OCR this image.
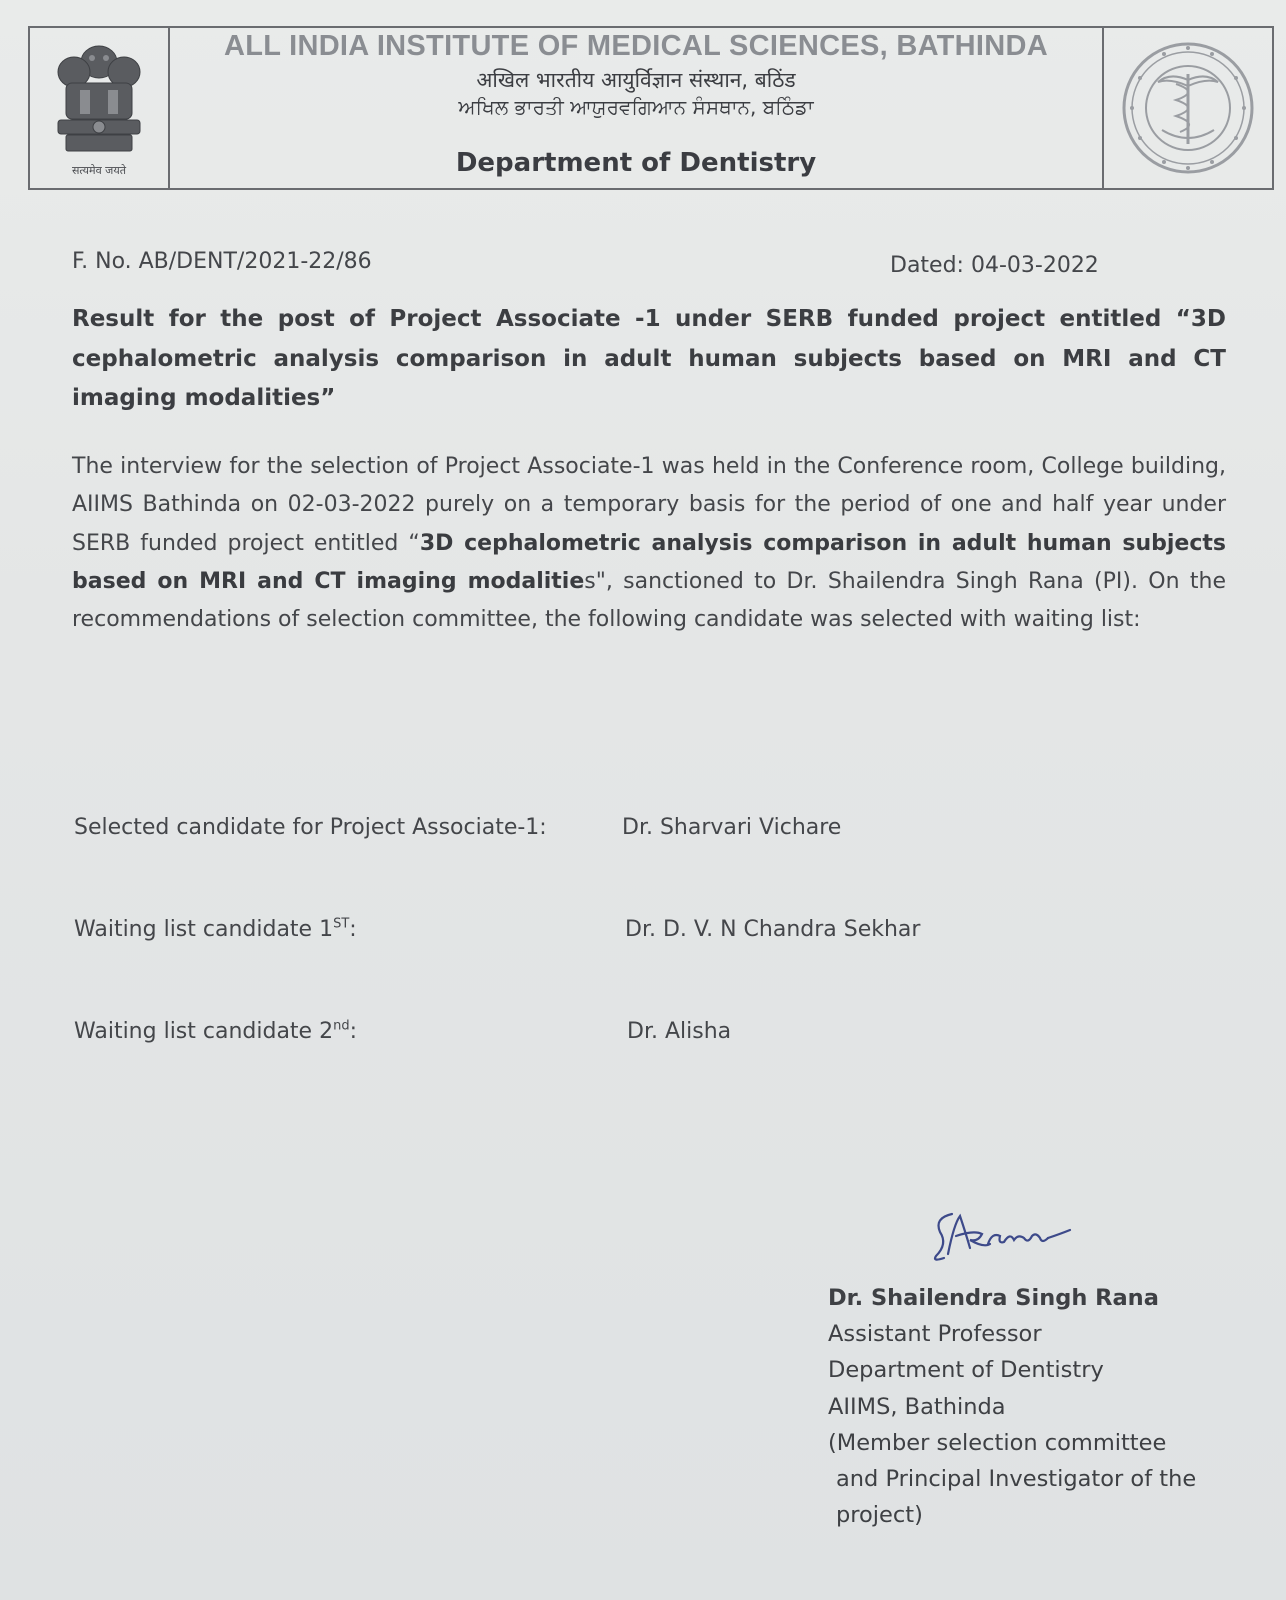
सत्यमेव जयते
ALL INDIA INSTITUTE OF MEDICAL SCIENCES, BATHINDA
अखिल भारतीय आयुर्विज्ञान संस्थान, बठिंड
ਅਖਿਲ ਭਾਰਤੀ ਆਯੁਰਵਗਿਆਨ ਸੰਸਥਾਨ, ਬਠਿੰਡਾ
Department of Dentistry
F. No. AB/DENT/2021-22/86	Dated: 04-03-2022
Result for the post of Project Associate -1 under SERB funded project entitled “3D cephalometric analysis comparison in adult human subjects based on MRI and CT imaging modalities”
The interview for the selection of Project Associate-1 was held in the Conference room, College building, AIIMS Bathinda on 02-03-2022 purely on a temporary basis for the period of one and half year under SERB funded project entitled “3D cephalometric analysis comparison in adult human subjects based on MRI and CT imaging modalities", sanctioned to Dr. Shailendra Singh Rana (PI). On the recommendations of selection committee, the following candidate was selected with waiting list:
Selected candidate for Project Associate-1:	Dr. Sharvari Vichare
Waiting list candidate 1ST:	Dr. D. V. N Chandra Sekhar
Waiting list candidate 2nd:	Dr. Alisha
Dr. Shailendra Singh Rana
Assistant Professor
Department of Dentistry
AIIMS, Bathinda
(Member selection committee
and Principal Investigator of the
project)
